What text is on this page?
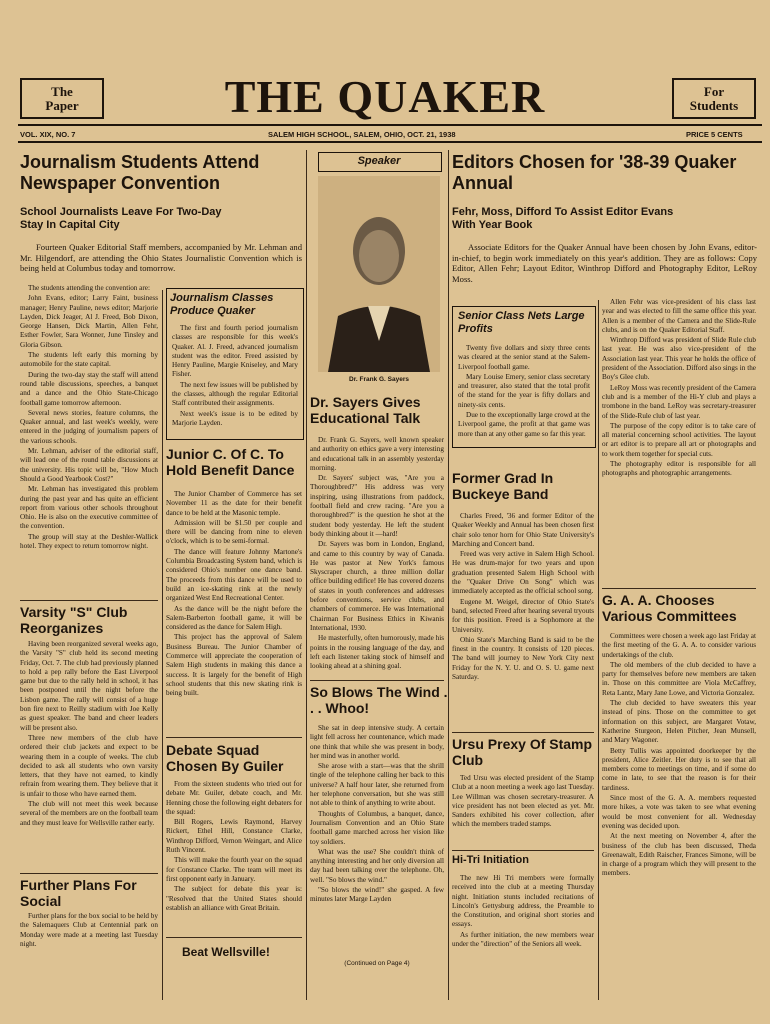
The
Paper
For
Students
THE QUAKER
VOL. XIX, NO. 7	SALEM HIGH SCHOOL, SALEM, OHIO, OCT. 21, 1938	PRICE 5 CENTS
Journalism Students Attend Newspaper Convention
School Journalists Leave For Two-Day Stay In Capital City

Fourteen Quaker Editorial Staff members, accompanied by Mr. Lehman and Mr. Hilgendorf, are attending the Ohio States Journalistic Convention which is being held at Columbus today and tomorrow.

The students attending the convention are:

John Evans, editor; Larry Faint, business manager; Henry Pauline, news editor; Marjorie Layden, Dick Jeager, Al J. Freed, Bob Dixon, George Hansen, Dick Martin, Allen Fehr, Esther Fowler, Sara Wonner, June Tinsley and Gloria Gibson.

The students left early this morning by automobile for the state capital.

During the two-day stay the staff will attend round table discussions, speeches, a banquet and a dance and the Ohio State-Chicago football game tomorrow afternoon.

Several news stories, feature columns, the Quaker annual, and last week's weekly, were entered in the judging of journalism papers of the various schools.

Mr. Lehman, adviser of the editorial staff, will lead one of the round table discussions at the university. His topic will be, "How Much Should a Good Yearbook Cost?"

Mr. Lehman has investigated this problem during the past year and has quite an efficient report from various other schools throughout Ohio. He is also on the executive committee of the convention.

The group will stay at the Deshler-Wallick hotel. They expect to return tomorrow night.

Varsity "S" Club Reorganizes

Having been reorganized several weeks ago, the Varsity "S" club held its second meeting Friday, Oct. 7. The club had previously planned to hold a pep rally before the East Liverpool game but due to the rally held in school, it has been postponed until the night before the Lisbon game. The rally will consist of a huge bon fire next to Reilly stadium with Joe Kelly as guest speaker. The band and cheer leaders will be present also.

Three new members of the club have ordered their club jackets and expect to be wearing them in a couple of weeks. The club decided to ask all students who own varsity letters, that they have not earned, to kindly refrain from wearing them. They believe that it is unfair to those who have earned them.

The club will not meet this week because several of the members are on the football team and they must leave for Wellsville rather early.

Further Plans For Social

Further plans for the box social to be held by the Salemaquers Club at Centennial park on Monday were made at a meeting last Tuesday night.

Journalism Classes Produce Quaker

The first and fourth period journalism classes are responsible for this week's Quaker. Al. J. Freed, advanced journalism student was the editor. Freed assisted by Henry Pauline, Margie Kniseley, and Mary Fisher.

The next few issues will be published by the classes, although the regular Editorial Staff contributed their assignments.

Next week's issue is to be edited by Marjorie Layden.

Junior C. Of C. To Hold Benefit Dance

The Junior Chamber of Commerce has set November 11 as the date for their benefit dance to be held at the Masonic temple.

Admission will be $1.50 per couple and there will be dancing from nine to eleven o'clock, which is to be semi-formal.

The dance will feature Johnny Martone's Columbia Broadcasting System band, which is considered Ohio's number one dance band. The proceeds from this dance will be used to build an ice-skating rink at the newly organized West End Recreational Center.

As the dance will be the night before the Salem-Barberton football game, it will be considered as the dance for Salem High.

This project has the approval of Salem Business Bureau. The Junior Chamber of Commerce will appreciate the cooperation of Salem High students in making this dance a success. It is largely for the benefit of High school students that this new skating rink is being built.

Debate Squad Chosen By Guiler

From the sixteen students who tried out for debate Mr. Guiler, debate coach, and Mr. Henning chose the following eight debaters for the squad:

Bill Rogers, Lewis Raymond, Harvey Rickert, Ethel Hill, Constance Clarke, Winthrop Difford, Vernon Weingart, and Alice Ruth Vincent.

This will make the fourth year on the squad for Constance Clarke. The team will meet its first opponent early in January.

The subject for debate this year is: "Resolved that the United States should establish an alliance with Great Britain.

Beat Wellsville!
Speaker
Dr. Frank G. Sayers
Dr. Sayers Gives Educational Talk

Dr. Frank G. Sayers, well known speaker and authority on ethics gave a very interesting and educational talk in an assembly yesterday morning.

Dr. Sayers' subject was, "Are you a Thoroughbred?" His address was very inspiring, using illustrations from paddock, football field and crew racing. "Are you a thoroughbred?" is the question he shot at the student body yesterday. He left the student body thinking about it —hard!

Dr. Sayers was born in London, England, and came to this country by way of Canada. He was pastor at New York's famous Skyscraper church, a three million dollar office building edifice! He has covered dozens of states in youth conferences and addresses before conventions, service clubs, and chambers of commerce. He was International Chairman For Business Ethics in Kiwanis International, 1930.

He masterfully, often humorously, made his points in the rousing language of the day, and left each listener taking stock of himself and looking ahead at a shining goal.

So Blows The Wind . . . Whoo!

She sat in deep intensive study. A certain light fell across her countenance, which made one think that while she was present in body, her mind was in another world.

She arose with a start—was that the shrill tingle of the telephone calling her back to this universe? A half hour later, she returned from her telephone conversation, but she was still not able to think of anything to write about.

Thoughts of Columbus, a banquet, dance, Journalism Convention and an Ohio State football game marched across her vision like toy soldiers.

What was the use? She couldn't think of anything interesting and her only diversion all day had been talking over the telephone. Oh, well. "So blows the wind."

"So blows the wind!" she gasped. A few minutes later Marge Layden

(Continued on Page 4)
Editors Chosen for '38-39 Quaker Annual
Fehr, Moss, Difford To Assist Editor Evans With Year Book

Associate Editors for the Quaker Annual have been chosen by John Evans, editor-in-chief, to begin work immediately on this year's addition. They are as follows: Copy Editor, Allen Fehr; Layout Editor, Winthrop Difford and Photography Editor, LeRoy Moss.

Allen Fehr was vice-president of his class last year and was elected to fill the same office this year. Allen is a member of the Camera and the Slide-Rule clubs, and is on the Quaker Editorial Staff.

Winthrop Difford was president of Slide Rule club last year. He was also vice-president of the Association last year. This year he holds the office of president of the Association. Difford also sings in the Boy's Glee club.

LeRoy Moss was recently president of the Camera club and is a member of the Hi-Y club and plays a trombone in the band. LeRoy was secretary-treasurer of the Slide-Rule club of last year.

The purpose of the copy editor is to take care of all material concerning school activities. The layout or art editor is to prepare all art or photographs and to work them together for special cuts.

The photography editor is responsible for all photographs and photographic arrangements.

Senior Class Nets Large Profits

Twenty five dollars and sixty three cents was cleared at the senior stand at the Salem-Liverpool football game.

Mary Louise Emery, senior class secretary and treasurer, also stated that the total profit of the stand for the year is fifty dollars and ninety-six cents.

Due to the exceptionally large crowd at the Liverpool game, the profit at that game was more than at any other game so far this year.

Former Grad In Buckeye Band

Charles Freed, '36 and former Editor of the Quaker Weekly and Annual has been chosen first chair solo tenor horn for Ohio State University's Marching and Concert band.

Freed was very active in Salem High School. He was drum-major for two years and upon graduation presented Salem High School with the "Quaker Drive On Song" which was immediately accepted as the official school song.

Eugene M. Weigel, director of Ohio State's band, selected Freed after hearing several tryouts for this position. Freed is a Sophomore at the University.

Ohio State's Marching Band is said to be the finest in the country. It consists of 120 pieces. The band will journey to New York City next Friday for the N. Y. U. and O. S. U. game next Saturday.

Ursu Prexy Of Stamp Club

Ted Ursu was elected president of the Stamp Club at a noon meeting a week ago last Tuesday. Lee Willman was chosen secretary-treasurer. A vice president has not been elected as yet. Mr. Sanders exhibited his cover collection, after which the members traded stamps.

Hi-Tri Initiation

The new Hi Tri members were formally received into the club at a meeting Thursday night. Initiation stunts included recitations of Lincoln's Gettysburg address, the Preamble to the Constitution, and original short stories and essays.

As further initiation, the new members wear under the "direction" of the Seniors all week.

G. A. A. Chooses Various Committees

Committees were chosen a week ago last Friday at the first meeting of the G. A. A. to consider various undertakings of the club.

The old members of the club decided to have a party for themselves before new members are taken in. Those on this committee are Viola McCaffrey, Reta Lantz, Mary Jane Lowe, and Victoria Gonzalez.

The club decided to have sweaters this year instead of pins. Those on the committee to get information on this subject, are Margaret Votaw, Katherine Sturgeon, Helen Pitcher, Jean Munsell, and Mary Wagoner.

Betty Tullis was appointed doorkeeper by the president, Alice Zeitler. Her duty is to see that all members come to meetings on time, and if some do come in late, to see that the reason is for their tardiness.

Since most of the G. A. A. members requested more hikes, a vote was taken to see what evening would be most convenient for all. Wednesday evening was decided upon.

At the next meeting on November 4, after the business of the club has been discussed, Theda Greenawalt, Edith Raischer, Frances Simone, will be in charge of a program which they will present to the members.
